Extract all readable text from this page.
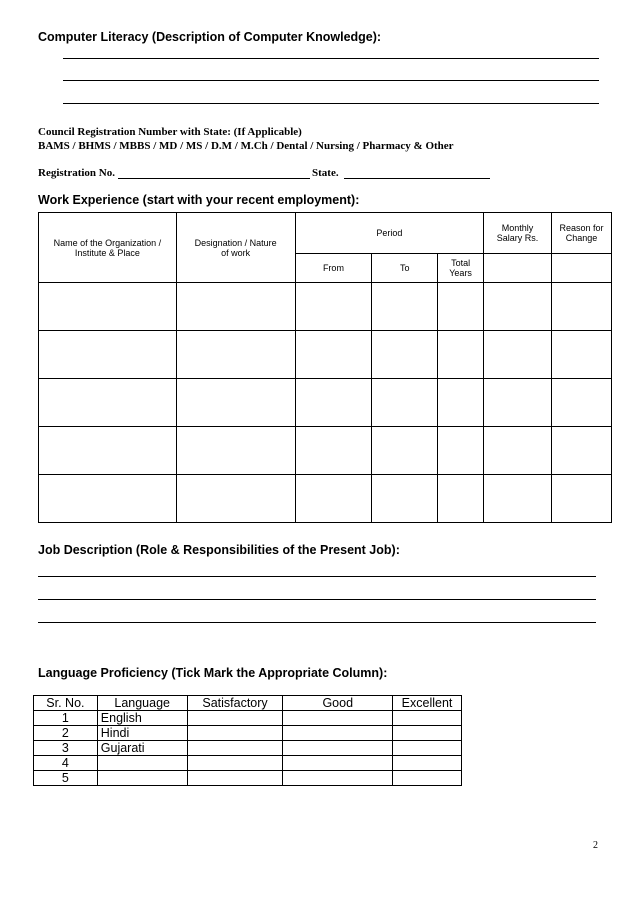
Computer Literacy (Description of Computer Knowledge):
Council Registration Number with State: (If Applicable)
BAMS / BHMS / MBBS / MD / MS / D.M / M.Ch / Dental / Nursing / Pharmacy & Other
Registration No.	State.
Work Experience (start with your recent employment):
Name of the Organization / Institute & Place	Designation / Nature of work	Period			Monthly Salary Rs.	Reason for Change
		From	To	Total Years		

Job Description (Role & Responsibilities of the Present Job):
Language Proficiency (Tick Mark the Appropriate Column):
Sr. No.	Language	Satisfactory	Good	Excellent
1	English			
2	Hindi			
3	Gujarati			
4				
5				
2
